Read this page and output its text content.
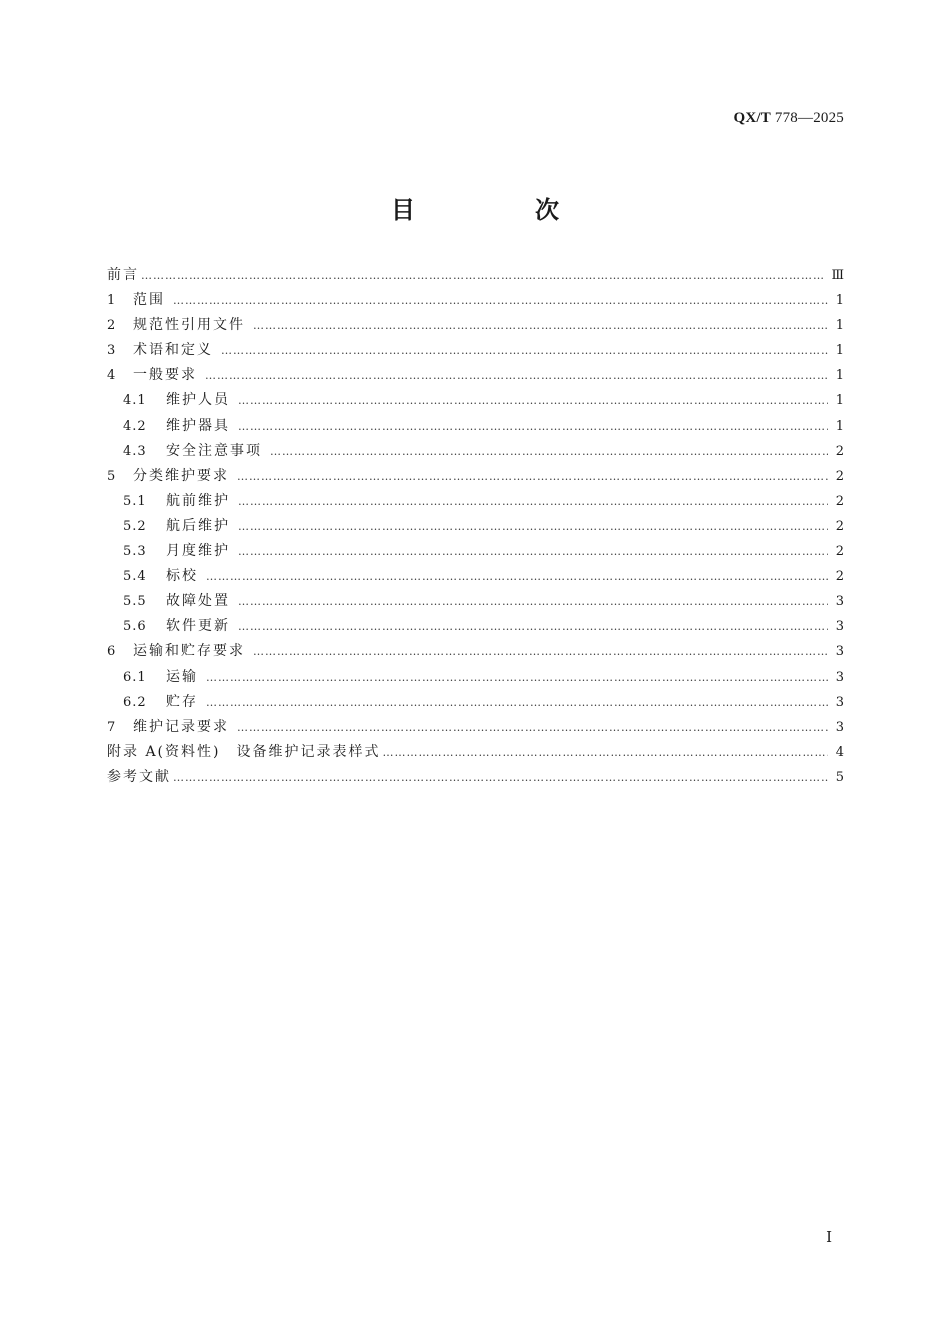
QX/T 778—2025
目　次
前言 ……………………………………………………………………………………………………………………………………………………………………………………………………………	Ⅲ
1	范围 ……………………………………………………………………………………………………………………………………………………………………………………………………………	1
2	规范性引用文件 ……………………………………………………………………………………………………………………………………………………………………………………………………………	1
3	术语和定义 ……………………………………………………………………………………………………………………………………………………………………………………………………………	1
4	一般要求 ……………………………………………………………………………………………………………………………………………………………………………………………………………	1
4.1	维护人员 ……………………………………………………………………………………………………………………………………………………………………………………………………………	1
4.2	维护器具 ……………………………………………………………………………………………………………………………………………………………………………………………………………	1
4.3	安全注意事项 ……………………………………………………………………………………………………………………………………………………………………………………………………………	2
5	分类维护要求 ……………………………………………………………………………………………………………………………………………………………………………………………………………	2
5.1	航前维护 ……………………………………………………………………………………………………………………………………………………………………………………………………………	2
5.2	航后维护 ……………………………………………………………………………………………………………………………………………………………………………………………………………	2
5.3	月度维护 ……………………………………………………………………………………………………………………………………………………………………………………………………………	2
5.4	标校 ……………………………………………………………………………………………………………………………………………………………………………………………………………	2
5.5	故障处置 ……………………………………………………………………………………………………………………………………………………………………………………………………………	3
5.6	软件更新 ……………………………………………………………………………………………………………………………………………………………………………………………………………	3
6	运输和贮存要求 ……………………………………………………………………………………………………………………………………………………………………………………………………………	3
6.1	运输 ……………………………………………………………………………………………………………………………………………………………………………………………………………	3
6.2	贮存 ……………………………………………………………………………………………………………………………………………………………………………………………………………	3
7	维护记录要求 ……………………………………………………………………………………………………………………………………………………………………………………………………………	3
附录 A(资料性)　设备维护记录表样式 ……………………………………………………………………………………………………………………………………………………………………………………………………………	4
参考文献 ……………………………………………………………………………………………………………………………………………………………………………………………………………	5
Ⅰ
